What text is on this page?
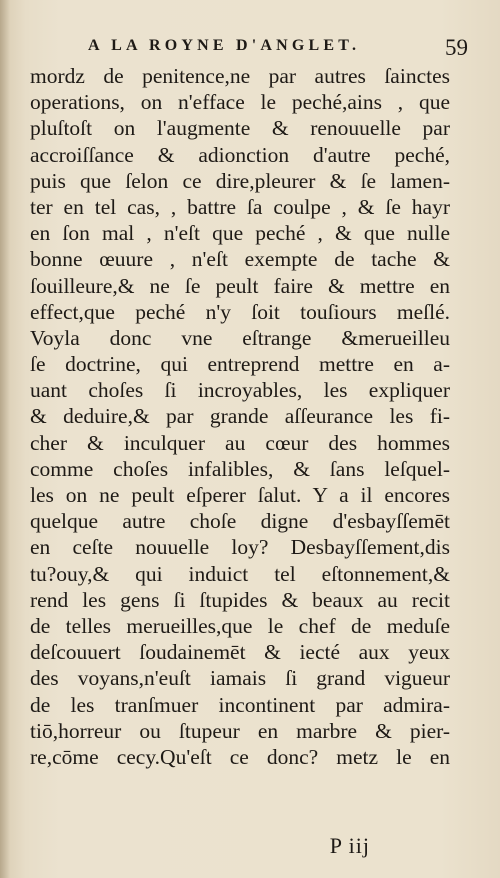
A LA ROYNE D'ANGLET.	59
mordz de penitence,ne par autres ſainctes
operations, on n'efface le peché,ains , que
pluſtoſt on l'augmente & renouuelle par
accroiſſance & adionction d'autre peché,
puis que ſelon ce dire,pleurer & ſe lamen-
ter en tel cas, , battre ſa coulpe , & ſe hayr
en ſon mal , n'eſt que peché , & que nulle
bonne œuure , n'eſt exempte de tache &
ſouilleure,& ne ſe peult faire & mettre en
effect,que peché n'y ſoit touſiours meſlé.
Voyla donc vne eſtrange &merueilleu
ſe doctrine, qui entreprend mettre en a-
uant choſes ſi incroyables, les expliquer
& deduire,& par grande aſſeurance les fi-
cher & inculquer au cœur des hommes
comme choſes infalibles, & ſans leſquel-
les on ne peult eſperer ſalut. Y a il encores
quelque autre choſe digne d'esbayſſemēt
en ceſte nouuelle loy? Desbayſſement,dis
tu?ouy,& qui induict tel eſtonnement,&
rend les gens ſi ſtupides & beaux au recit
de telles merueilles,que le chef de meduſe
deſcouuert ſoudainemēt & iecté aux yeux
des voyans,n'euſt iamais ſi grand vigueur
de les tranſmuer incontinent par admira-
tiō,horreur ou ſtupeur en marbre & pier-
re,cōme cecy.Qu'eſt ce donc? metz le en
P iij
